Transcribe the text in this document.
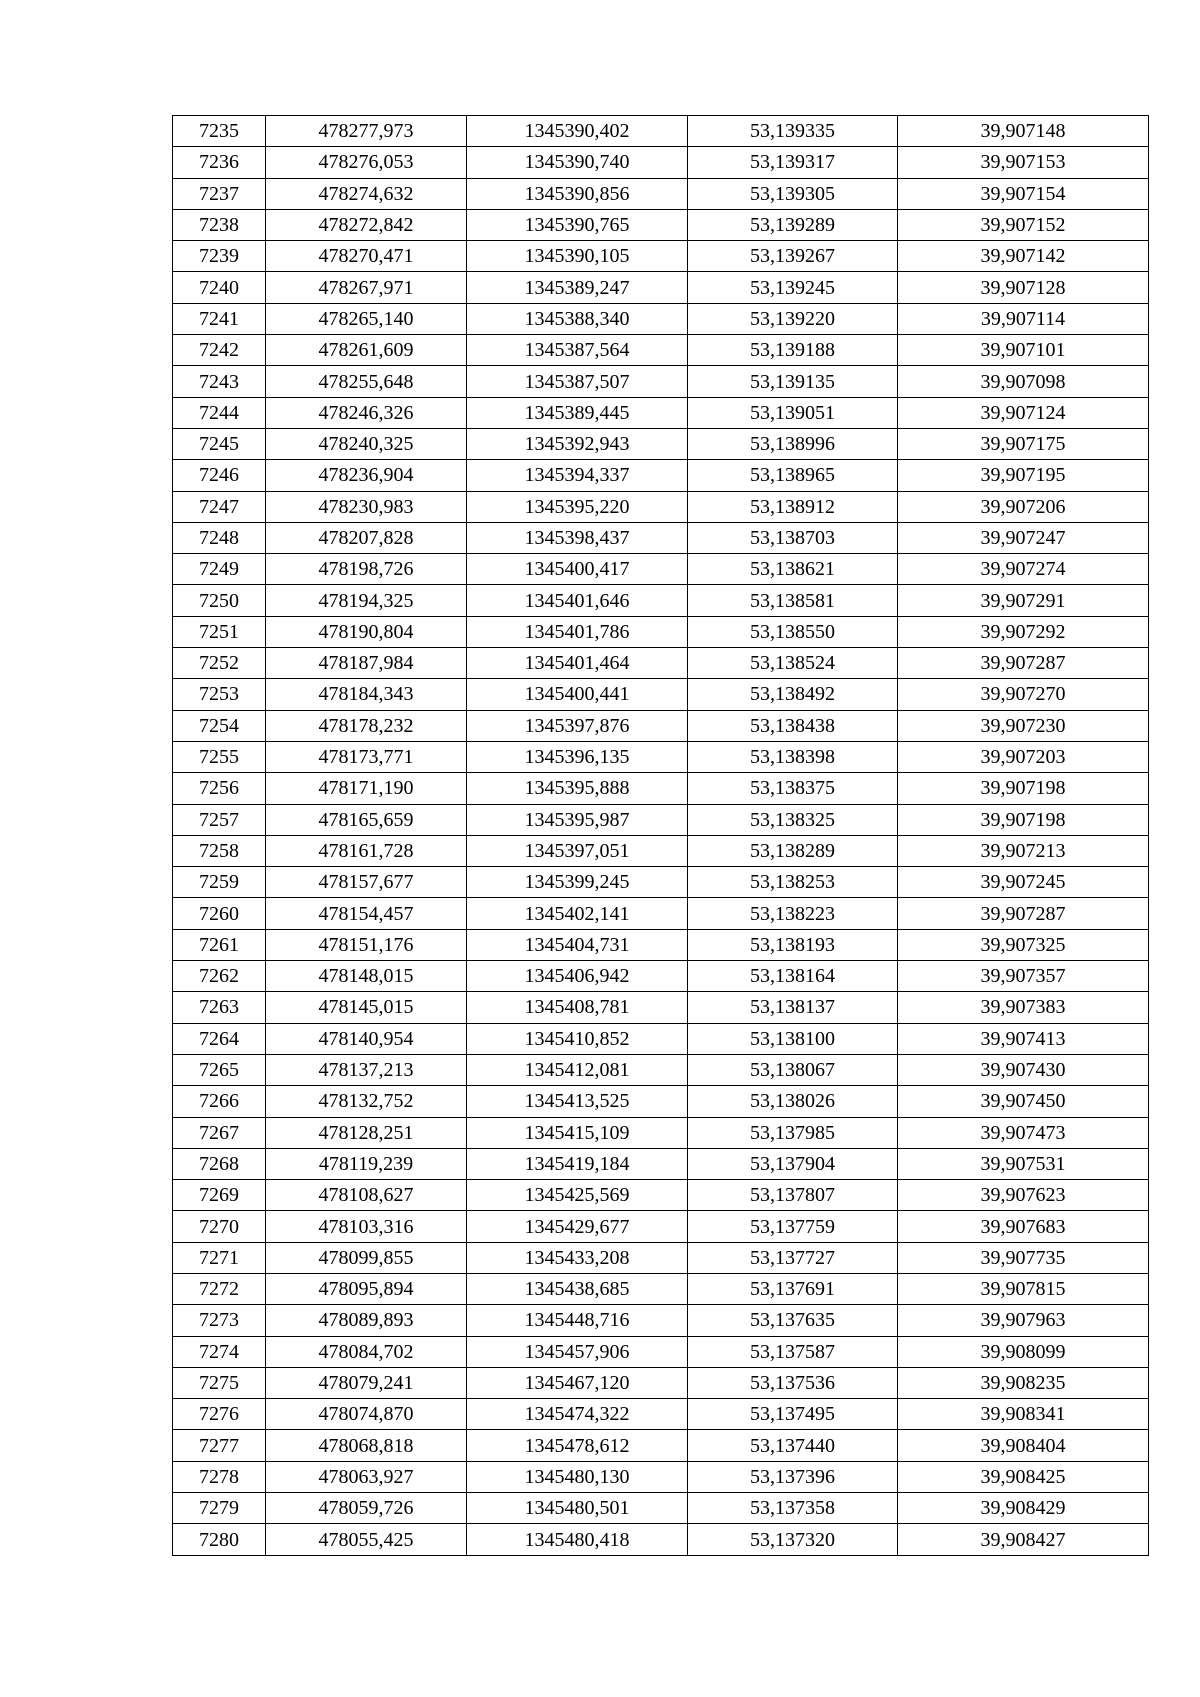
7235	478277,973	1345390,402	53,139335	39,907148
7236	478276,053	1345390,740	53,139317	39,907153
7237	478274,632	1345390,856	53,139305	39,907154
7238	478272,842	1345390,765	53,139289	39,907152
7239	478270,471	1345390,105	53,139267	39,907142
7240	478267,971	1345389,247	53,139245	39,907128
7241	478265,140	1345388,340	53,139220	39,907114
7242	478261,609	1345387,564	53,139188	39,907101
7243	478255,648	1345387,507	53,139135	39,907098
7244	478246,326	1345389,445	53,139051	39,907124
7245	478240,325	1345392,943	53,138996	39,907175
7246	478236,904	1345394,337	53,138965	39,907195
7247	478230,983	1345395,220	53,138912	39,907206
7248	478207,828	1345398,437	53,138703	39,907247
7249	478198,726	1345400,417	53,138621	39,907274
7250	478194,325	1345401,646	53,138581	39,907291
7251	478190,804	1345401,786	53,138550	39,907292
7252	478187,984	1345401,464	53,138524	39,907287
7253	478184,343	1345400,441	53,138492	39,907270
7254	478178,232	1345397,876	53,138438	39,907230
7255	478173,771	1345396,135	53,138398	39,907203
7256	478171,190	1345395,888	53,138375	39,907198
7257	478165,659	1345395,987	53,138325	39,907198
7258	478161,728	1345397,051	53,138289	39,907213
7259	478157,677	1345399,245	53,138253	39,907245
7260	478154,457	1345402,141	53,138223	39,907287
7261	478151,176	1345404,731	53,138193	39,907325
7262	478148,015	1345406,942	53,138164	39,907357
7263	478145,015	1345408,781	53,138137	39,907383
7264	478140,954	1345410,852	53,138100	39,907413
7265	478137,213	1345412,081	53,138067	39,907430
7266	478132,752	1345413,525	53,138026	39,907450
7267	478128,251	1345415,109	53,137985	39,907473
7268	478119,239	1345419,184	53,137904	39,907531
7269	478108,627	1345425,569	53,137807	39,907623
7270	478103,316	1345429,677	53,137759	39,907683
7271	478099,855	1345433,208	53,137727	39,907735
7272	478095,894	1345438,685	53,137691	39,907815
7273	478089,893	1345448,716	53,137635	39,907963
7274	478084,702	1345457,906	53,137587	39,908099
7275	478079,241	1345467,120	53,137536	39,908235
7276	478074,870	1345474,322	53,137495	39,908341
7277	478068,818	1345478,612	53,137440	39,908404
7278	478063,927	1345480,130	53,137396	39,908425
7279	478059,726	1345480,501	53,137358	39,908429
7280	478055,425	1345480,418	53,137320	39,908427
